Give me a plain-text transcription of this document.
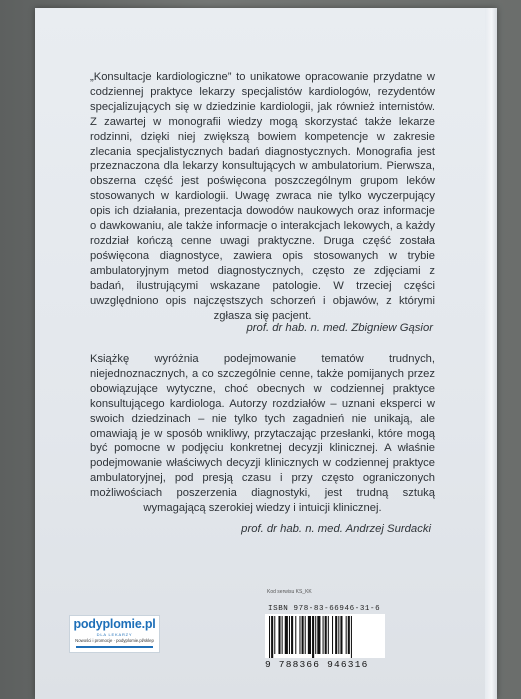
„Konsultacje kardiologiczne” to unikatowe opracowanie przydatne w codziennej praktyce lekarzy specjalistów kardiologów, rezydentów specjalizujących się w dziedzinie kardiologii, jak również internistów. Z zawartej w monografii wiedzy mogą skorzystać także lekarze rodzinni, dzięki niej zwiększą bowiem kompetencje w zakresie zlecania specjalistycznych badań diagnostycznych. Monografia jest przeznaczona dla lekarzy konsultujących w ambulatorium. Pierwsza, obszerna część jest poświęcona poszczególnym grupom leków stosowanych w kardiologii. Uwagę zwraca nie tylko wyczerpujący opis ich działania, prezentacja dowodów naukowych oraz informacje o dawkowaniu, ale także informacje o interakcjach lekowych, a każdy rozdział kończą cenne uwagi praktyczne. Druga część została poświęcona diagnostyce, zawiera opis stosowanych w trybie ambulatoryjnym metod diagnostycznych, często ze zdjęciami z badań, ilustrującymi wskazane patologie. W trzeciej części uwzględniono opis najczęstszych schorzeń i objawów, z którymi zgłasza się pacjent.

prof. dr hab. n. med. Zbigniew Gąsior

Książkę wyróżnia podejmowanie tematów trudnych, niejednoznacznych, a co szczególnie cenne, także pomijanych przez obowiązujące wytyczne, choć obecnych w codziennej praktyce konsultującego kardiologa. Autorzy rozdziałów – uznani eksperci w swoich dziedzinach – nie tylko tych zagadnień nie unikają, ale omawiają je w sposób wnikliwy, przytaczając przesłanki, które mogą być pomocne w podjęciu konkretnej decyzji klinicznej. A właśnie podejmowanie właściwych decyzji klinicznych w codziennej praktyce ambulatoryjnej, pod presją czasu i przy często ograniczonych możliwościach poszerzenia diagnostyki, jest trudną sztuką wymagającą szerokiej wiedzy i intuicji klinicznej.

prof. dr hab. n. med. Andrzej Surdacki
Kod serwisu KS_KK
ISBN 978-83-66946-31-6
9 788366 946316
podyplomie.pl
DLA LEKARZY
Nowości i promocje · podyplomie.pl/sklep
